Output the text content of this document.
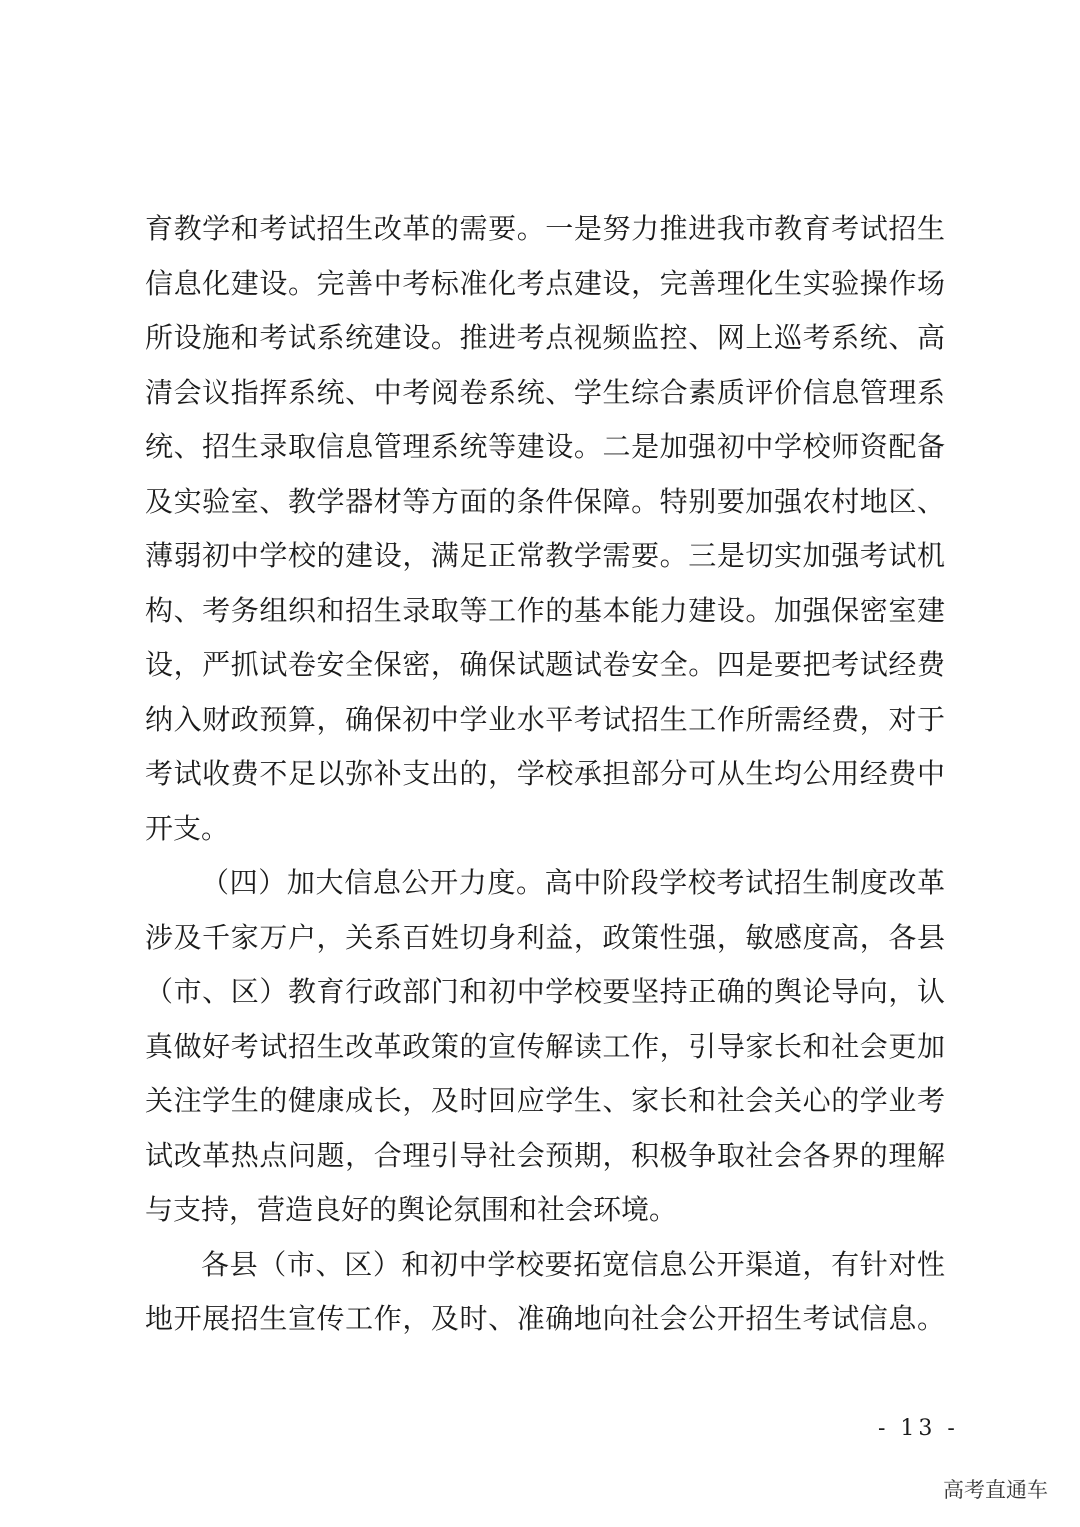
育教学和考试招生改革的需要。一是努力推进我市教育考试招生
信息化建设。完善中考标准化考点建设，完善理化生实验操作场
所设施和考试系统建设。推进考点视频监控、网上巡考系统、高
清会议指挥系统、中考阅卷系统、学生综合素质评价信息管理系
统、招生录取信息管理系统等建设。二是加强初中学校师资配备
及实验室、教学器材等方面的条件保障。特别要加强农村地区、
薄弱初中学校的建设，满足正常教学需要。三是切实加强考试机
构、考务组织和招生录取等工作的基本能力建设。加强保密室建
设，严抓试卷安全保密，确保试题试卷安全。四是要把考试经费
纳入财政预算，确保初中学业水平考试招生工作所需经费，对于
考试收费不足以弥补支出的，学校承担部分可从生均公用经费中
开支。
（四）加大信息公开力度。高中阶段学校考试招生制度改革
涉及千家万户，关系百姓切身利益，政策性强，敏感度高，各县
（市、区）教育行政部门和初中学校要坚持正确的舆论导向，认
真做好考试招生改革政策的宣传解读工作，引导家长和社会更加
关注学生的健康成长，及时回应学生、家长和社会关心的学业考
试改革热点问题，合理引导社会预期，积极争取社会各界的理解
与支持，营造良好的舆论氛围和社会环境。
各县（市、区）和初中学校要拓宽信息公开渠道，有针对性
地开展招生宣传工作，及时、准确地向社会公开招生考试信息。
- 13 -
高考直通车
